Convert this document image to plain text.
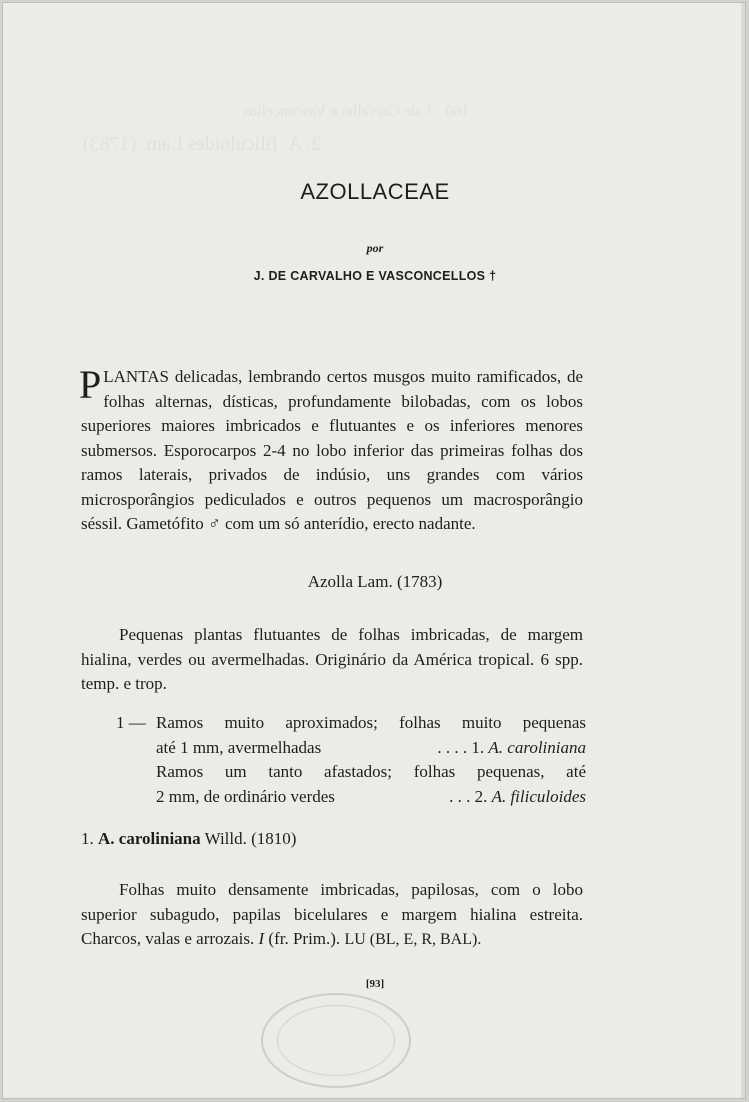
160   J. de Carvalho e Vasconcellos
2. A. filiculoides Lam. (1783)
AZOLLACEAE
por
J. DE CARVALHO E VASCONCELLOS †

PLANTAS delicadas, lembrando certos musgos muito ramificados, de folhas alternas, dísticas, profundamente bilobadas, com os lobos superiores maiores imbricados e flutuantes e os inferiores menores submersos. Esporocarpos 2-4 no lobo inferior das primeiras folhas dos ramos laterais, privados de indúsio, uns grandes com vários microsporângios pediculados e outros pequenos um macrosporângio séssil. Gametófito ♂ com um só anterídio, erecto nadante.

Azolla Lam. (1783)

Pequenas plantas flutuantes de folhas imbricadas, de margem hialina, verdes ou avermelhadas. Originário da América tropical. 6 spp. temp. e trop.

1 — Ramos muito aproximados; folhas muito pequenas
até 1 mm, avermelhadas	. . . .
1. A. caroliniana
Ramos um tanto afastados; folhas pequenas, até
2 mm, de ordinário verdes	. . .
2. A. filiculoides
1. A. caroliniana Willd. (1810)

Folhas muito densamente imbricadas, papilosas, com o lobo superior subagudo, papilas bicelulares e margem hialina estreita. Charcos, valas e arrozais. I (fr. Prim.). LU (BL, E, R, BAL).

[93]
